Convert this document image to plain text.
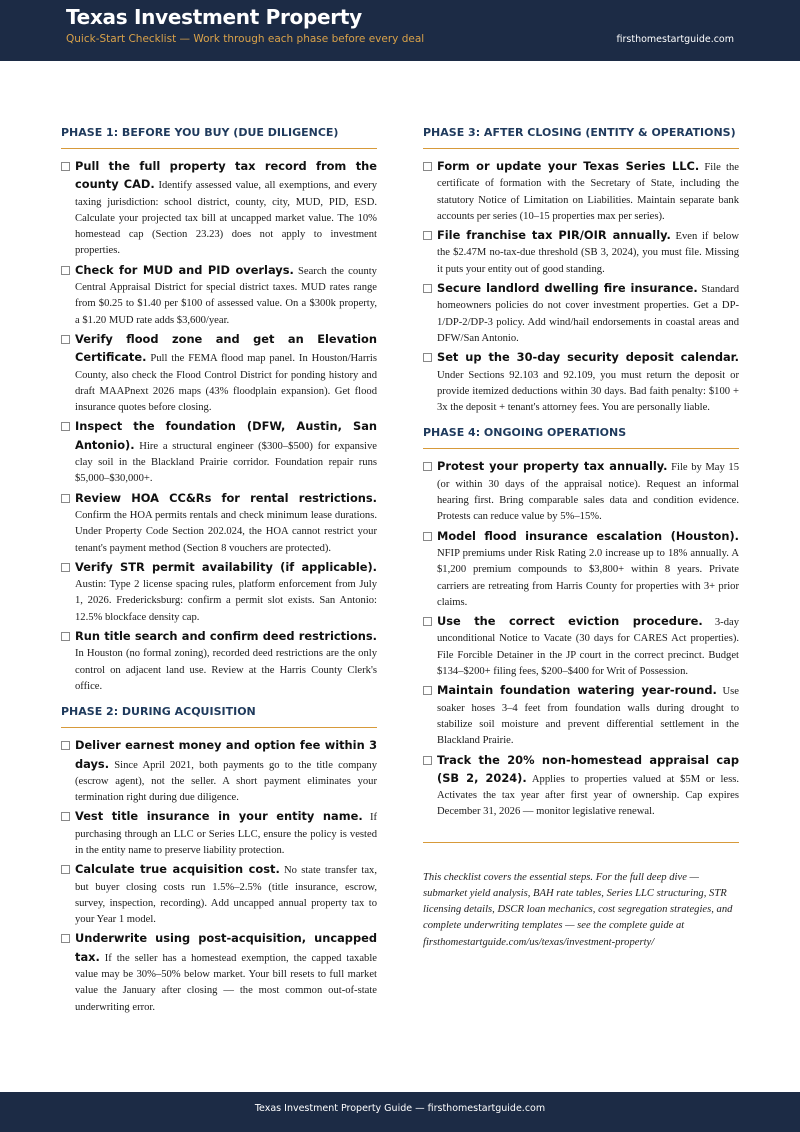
Texas Investment Property
Quick-Start Checklist — Work through each phase before every deal	firsthomestartguide.com
PHASE 1: BEFORE YOU BUY (DUE DILIGENCE)
Pull the full property tax record from the county CAD. Identify assessed value, all exemptions, and every taxing jurisdiction: school district, county, city, MUD, PID, ESD. Calculate your projected tax bill at uncapped market value. The 10% homestead cap (Section 23.23) does not apply to investment properties.
Check for MUD and PID overlays. Search the county Central Appraisal District for special district taxes. MUD rates range from $0.25 to $1.40 per $100 of assessed value. On a $300k property, a $1.20 MUD rate adds $3,600/year.
Verify flood zone and get an Elevation Certificate. Pull the FEMA flood map panel. In Houston/Harris County, also check the Flood Control District for ponding history and draft MAAPnext 2026 maps (43% floodplain expansion). Get flood insurance quotes before closing.
Inspect the foundation (DFW, Austin, San Antonio). Hire a structural engineer ($300–$500) for expansive clay soil in the Blackland Prairie corridor. Foundation repair runs $5,000–$30,000+.
Review HOA CC&Rs for rental restrictions. Confirm the HOA permits rentals and check minimum lease durations. Under Property Code Section 202.024, the HOA cannot restrict your tenant's payment method (Section 8 vouchers are protected).
Verify STR permit availability (if applicable). Austin: Type 2 license spacing rules, platform enforcement from July 1, 2026. Fredericksburg: confirm a permit slot exists. San Antonio: 12.5% blockface density cap.
Run title search and confirm deed restrictions. In Houston (no formal zoning), recorded deed restrictions are the only control on adjacent land use. Review at the Harris County Clerk's office.
PHASE 2: DURING ACQUISITION
Deliver earnest money and option fee within 3 days. Since April 2021, both payments go to the title company (escrow agent), not the seller. A short payment eliminates your termination right during due diligence.
Vest title insurance in your entity name. If purchasing through an LLC or Series LLC, ensure the policy is vested in the entity name to preserve liability protection.
Calculate true acquisition cost. No state transfer tax, but buyer closing costs run 1.5%–2.5% (title insurance, escrow, survey, inspection, recording). Add uncapped annual property tax to your Year 1 model.
Underwrite using post-acquisition, uncapped tax. If the seller has a homestead exemption, the capped taxable value may be 30%–50% below market. Your bill resets to full market value the January after closing — the most common out-of-state underwriting error.
PHASE 3: AFTER CLOSING (ENTITY & OPERATIONS)
Form or update your Texas Series LLC. File the certificate of formation with the Secretary of State, including the statutory Notice of Limitation on Liabilities. Maintain separate bank accounts per series (10–15 properties max per series).
File franchise tax PIR/OIR annually. Even if below the $2.47M no-tax-due threshold (SB 3, 2024), you must file. Missing it puts your entity out of good standing.
Secure landlord dwelling fire insurance. Standard homeowners policies do not cover investment properties. Get a DP-1/DP-2/DP-3 policy. Add wind/hail endorsements in coastal areas and DFW/San Antonio.
Set up the 30-day security deposit calendar. Under Sections 92.103 and 92.109, you must return the deposit or provide itemized deductions within 30 days. Bad faith penalty: $100 + 3x the deposit + tenant's attorney fees. You are personally liable.
PHASE 4: ONGOING OPERATIONS
Protest your property tax annually. File by May 15 (or within 30 days of the appraisal notice). Request an informal hearing first. Bring comparable sales data and condition evidence. Protests can reduce value by 5%–15%.
Model flood insurance escalation (Houston). NFIP premiums under Risk Rating 2.0 increase up to 18% annually. A $1,200 premium compounds to $3,800+ within 8 years. Private carriers are retreating from Harris County for properties with 3+ prior claims.
Use the correct eviction procedure. 3-day unconditional Notice to Vacate (30 days for CARES Act properties). File Forcible Detainer in the JP court in the correct precinct. Budget $134–$200+ filing fees, $200–$400 for Writ of Possession.
Maintain foundation watering year-round. Use soaker hoses 3–4 feet from foundation walls during drought to stabilize soil moisture and prevent differential settlement in the Blackland Prairie.
Track the 20% non-homestead appraisal cap (SB 2, 2024). Applies to properties valued at $5M or less. Activates the tax year after first year of ownership. Cap expires December 31, 2026 — monitor legislative renewal.
This checklist covers the essential steps. For the full deep dive — submarket yield analysis, BAH rate tables, Series LLC structuring, STR licensing details, DSCR loan mechanics, cost segregation strategies, and complete underwriting templates — see the complete guide at firsthomestartguide.com/us/texas/investment-property/
Texas Investment Property Guide — firsthomestartguide.com
